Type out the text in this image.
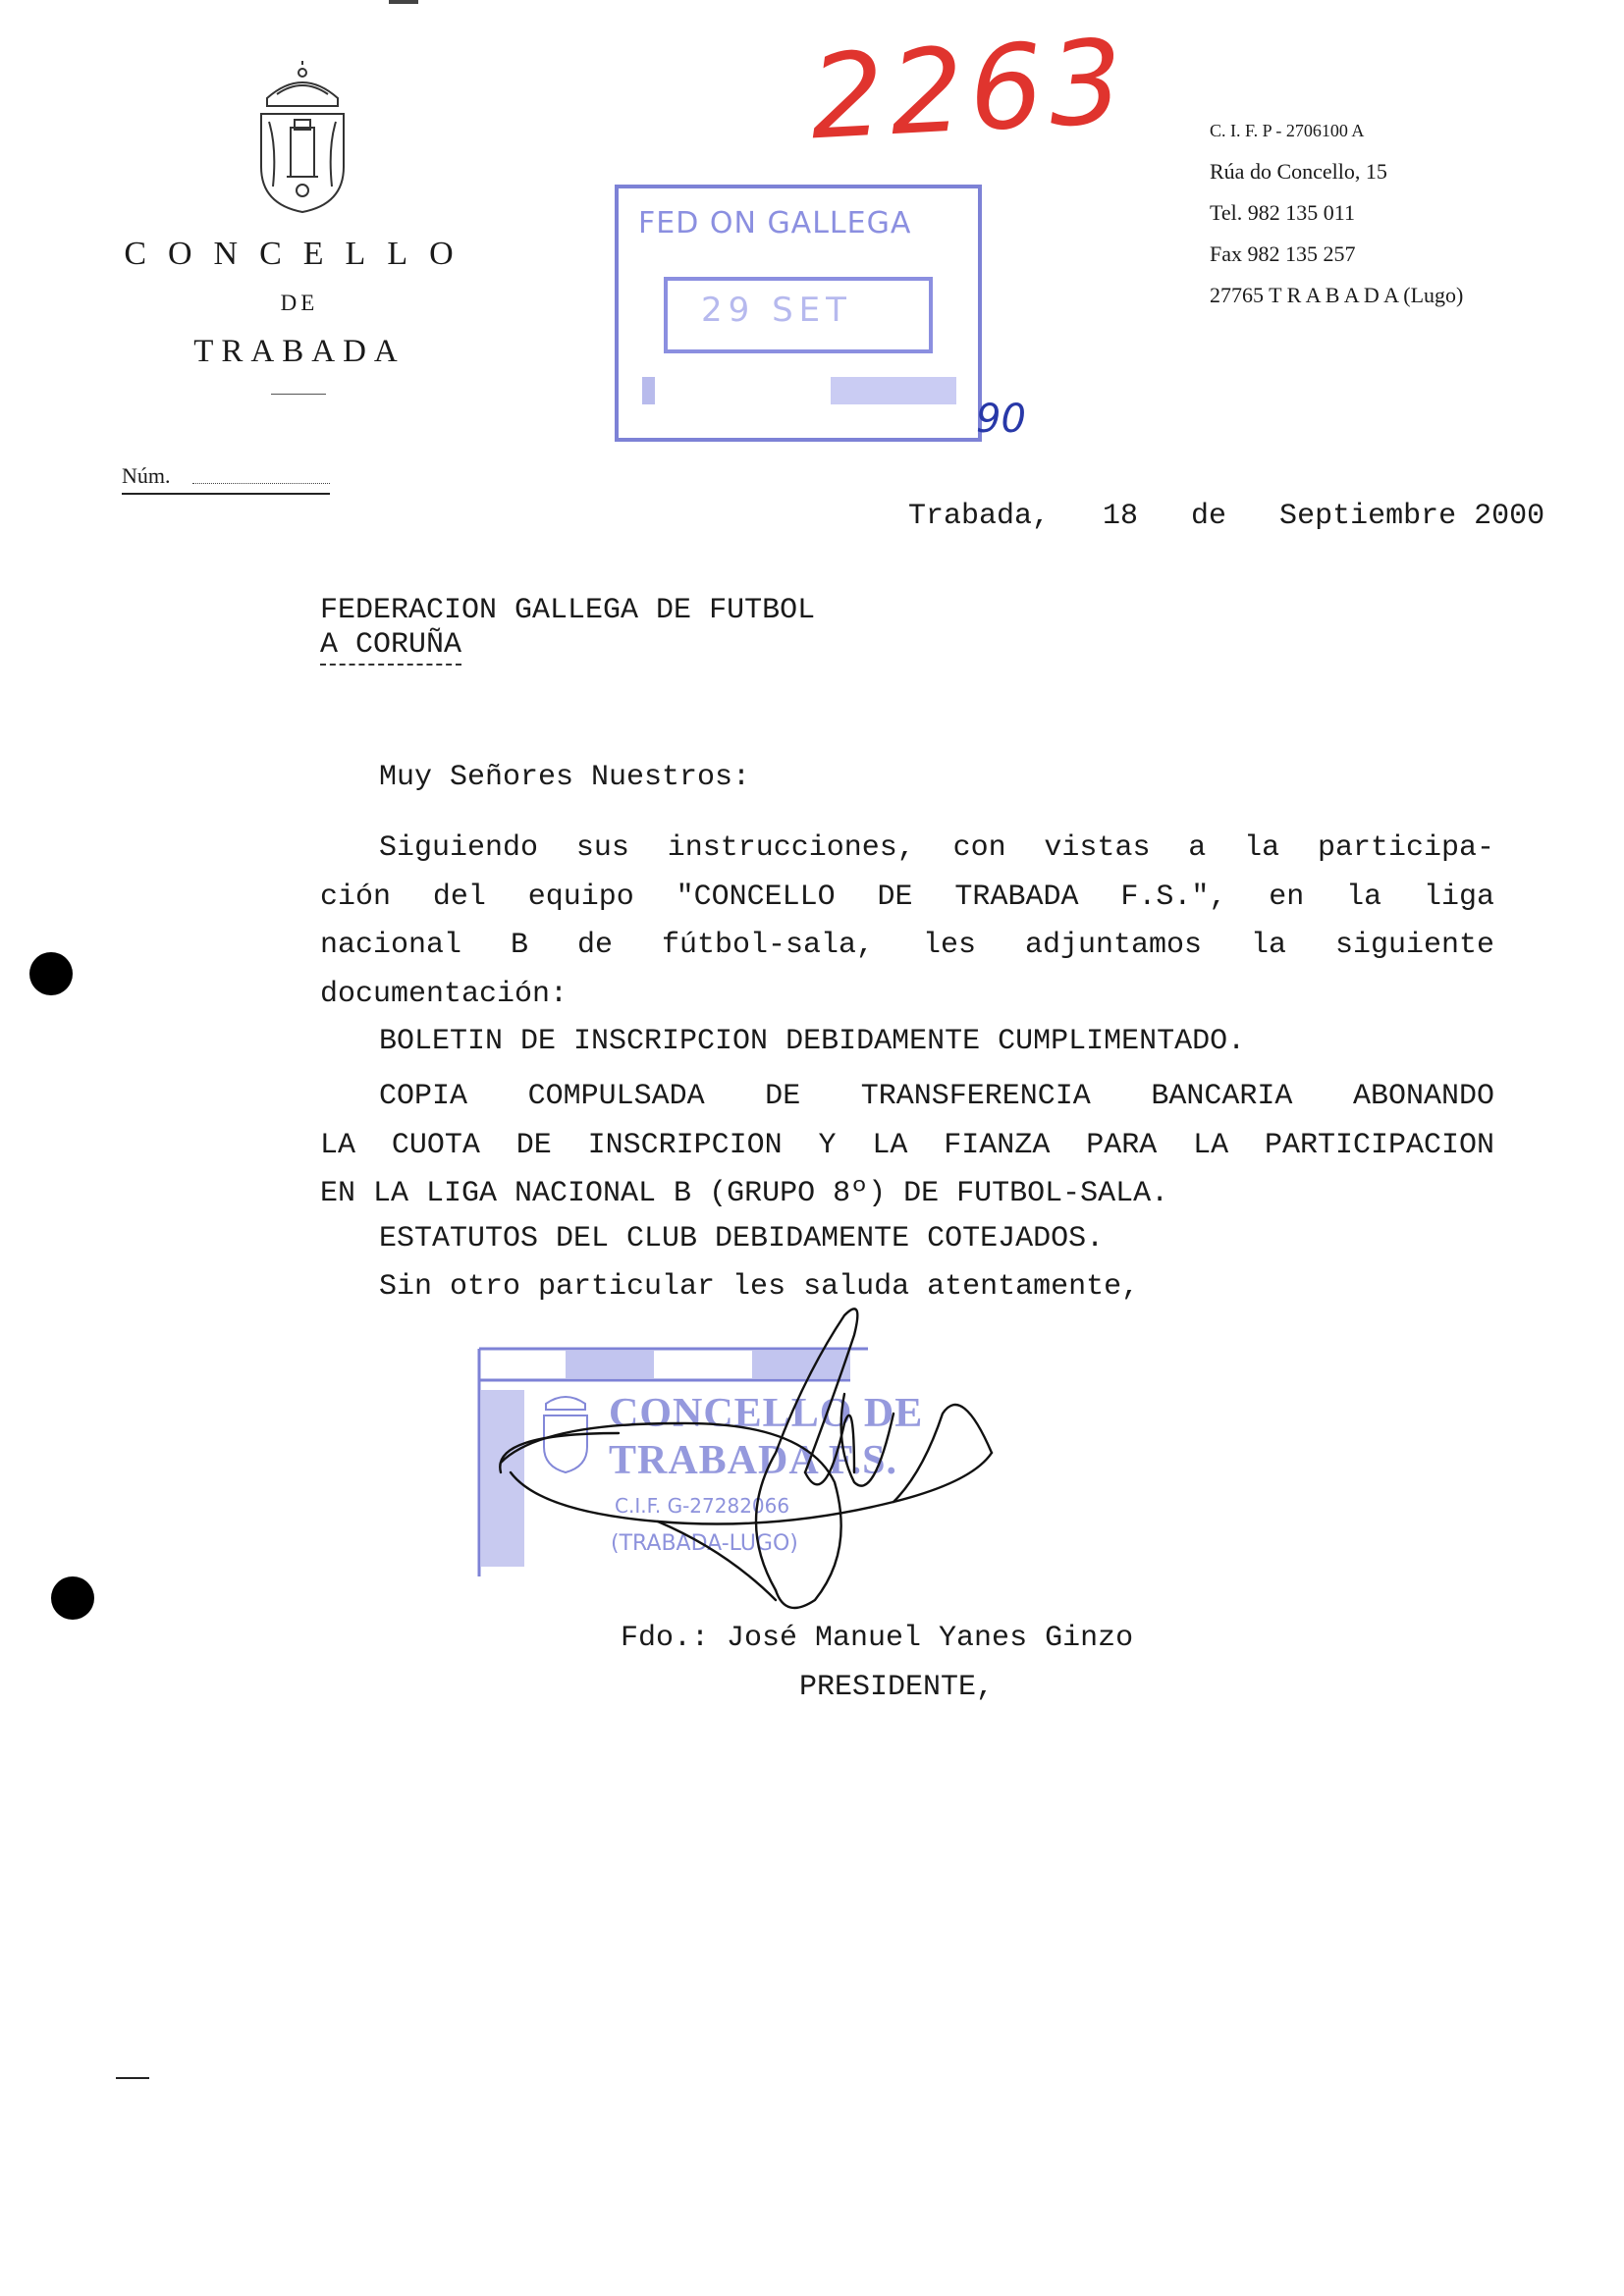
CONCELLO
DE
TRABADA
Núm.
C. I. F. P - 2706100 A
Rúa do Concello, 15
Tel. 982 135 011
Fax 982 135 257
27765 T R A B A D A (Lugo)
2263
FED ON GALLEGA
29 SET
90
Trabada,   18   de   Septiembre 2000
FEDERACION GALLEGA DE FUTBOL
A CORUÑA
Muy Señores Nuestros:
Siguiendo sus instrucciones, con vistas a la participa-
ción del equipo "CONCELLO DE TRABADA F.S.", en la liga
nacional B de fútbol-sala, les adjuntamos la siguiente
documentación:
BOLETIN DE INSCRIPCION DEBIDAMENTE CUMPLIMENTADO.
COPIA COMPULSADA DE TRANSFERENCIA BANCARIA ABONANDO
LA CUOTA DE INSCRIPCION Y LA FIANZA PARA LA PARTICIPACION
EN LA LIGA NACIONAL B (GRUPO 8º) DE FUTBOL-SALA.
ESTATUTOS DEL CLUB DEBIDAMENTE COTEJADOS.
Sin otro particular les saluda atentamente,
CONCELLO DE
TRABADA F.S.
C.I.F. G-27282066
(TRABADA-LUGO)
Fdo.: José Manuel Yanes Ginzo
PRESIDENTE,
